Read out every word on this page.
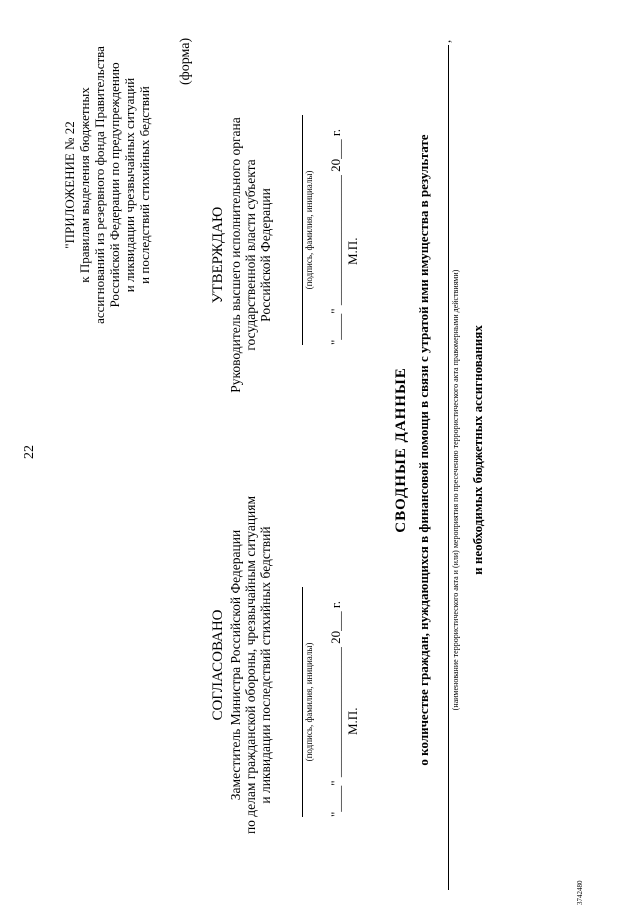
22
"ПРИЛОЖЕНИЕ № 22 к Правилам выделения бюджетных ассигнований из резервного фонда Правительства Российской Федерации по предупреждению и ликвидации чрезвычайных ситуаций и последствий стихийных бедствий
(форма)
СОГЛАСОВАНО Заместитель Министра Российской Федерации по делам гражданской обороны, чрезвычайным ситуациям и ликвидации последствий стихийных бедствий	(подпись, фамилия, инициалы) "____" ____________________ 20___ г. М.П.
УТВЕРЖДАЮ Руководитель высшего исполнительного органа государственной власти субъекта Российской Федерации	(подпись, фамилия, инициалы) "____" ____________________ 20___ г. М.П.
СВОДНЫЕ ДАННЫЕ о количестве граждан, нуждающихся в финансовой помощи в связи с утратой ими имущества в результате
,
(наименование террористического акта и (или) мероприятия по пресечению террористического акта правомерными действиями) и необходимых бюджетных ассигнованиях
3742480
